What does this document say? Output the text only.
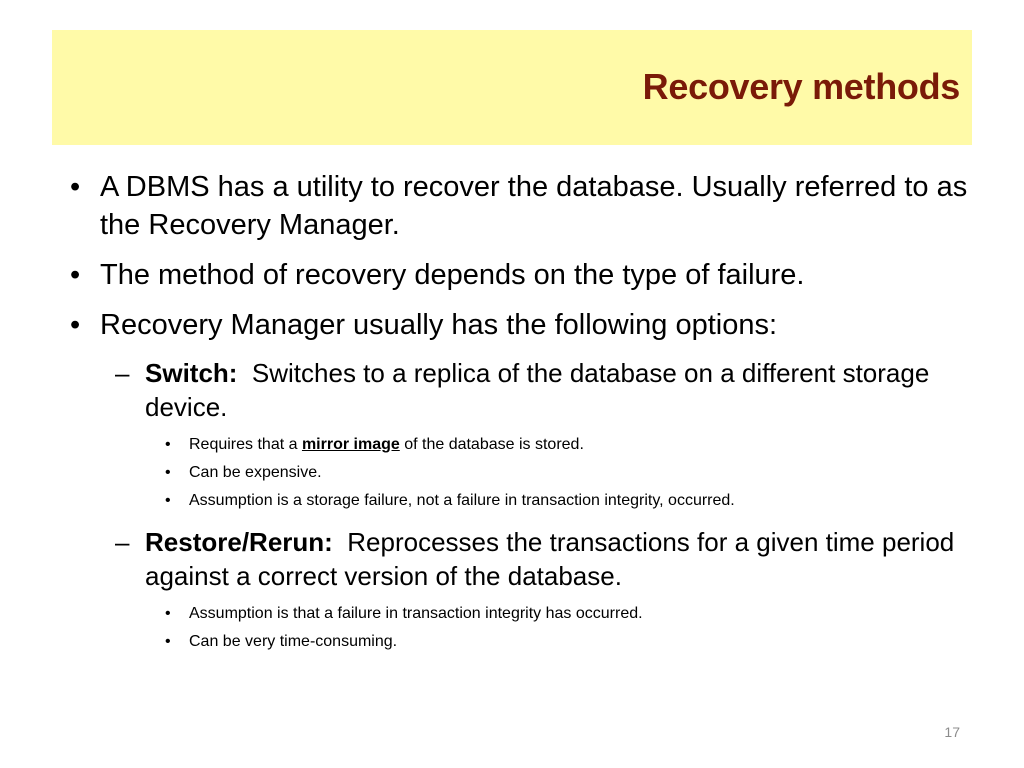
Recovery methods
• A DBMS has a utility to recover the database. Usually referred to as the Recovery Manager.
• The method of recovery depends on the type of failure.
• Recovery Manager usually has the following options:
– Switch: Switches to a replica of the database on a different storage device.
• Requires that a mirror image of the database is stored.
• Can be expensive.
• Assumption is a storage failure, not a failure in transaction integrity, occurred.
– Restore/Rerun: Reprocesses the transactions for a given time period against a correct version of the database.
• Assumption is that a failure in transaction integrity has occurred.
• Can be very time-consuming.
17
